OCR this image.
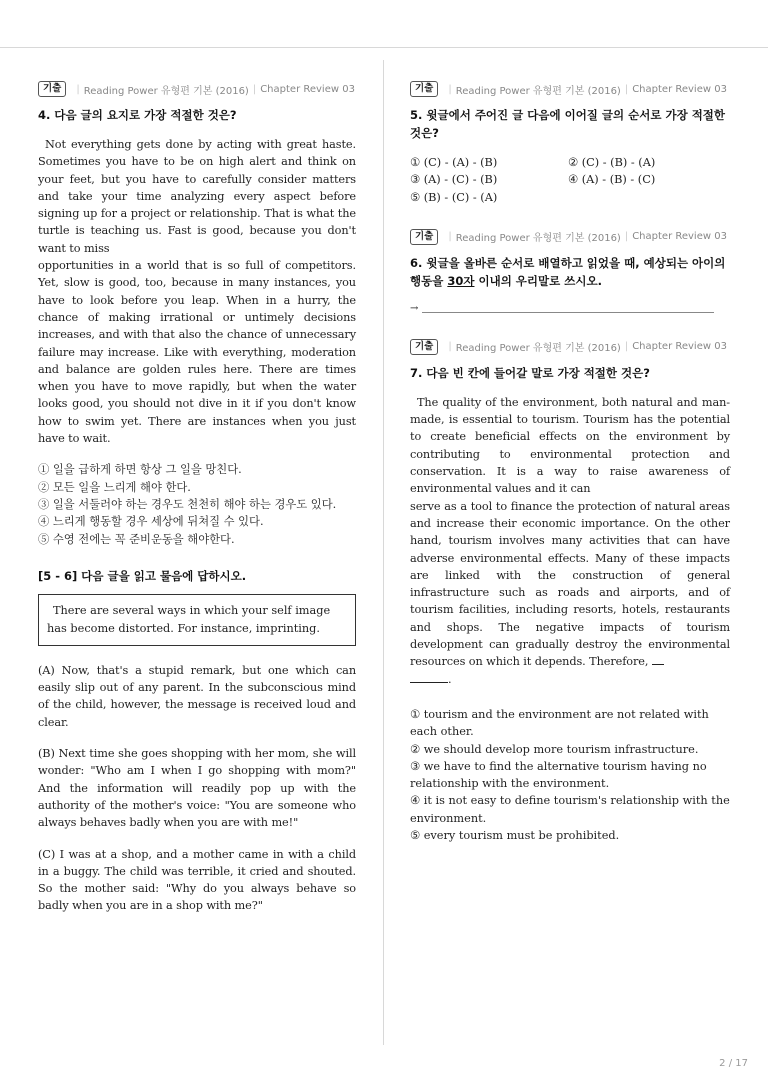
기출	| Reading Power 유형편 기본 (2016) | Chapter Review 03
4. 다음 글의 요지로 가장 적절한 것은?
Not everything gets done by acting with great haste. Sometimes you have to be on high alert and think on your feet, but you have to carefully consider matters and take your time analyzing every aspect before signing up for a project or relationship. That is what the turtle is teaching us. Fast is good, because you don't want to miss
opportunities in a world that is so full of competitors. Yet, slow is good, too, because in many instances, you have to look before you leap. When in a hurry, the chance of making irrational or untimely decisions increases, and with that also the chance of unnecessary failure may increase. Like with everything, moderation and balance are golden rules here. There are times when you have to move rapidly, but when the water looks good, you should not dive in it if you don't know how to swim yet. There are instances when you just have to wait.
① 일을 급하게 하면 항상 그 일을 망친다.
② 모든 일을 느리게 해야 한다.
③ 일을 서둘러야 하는 경우도 천천히 해야 하는 경우도 있다.
④ 느리게 행동할 경우 세상에 뒤쳐질 수 있다.
⑤ 수영 전에는 꼭 준비운동을 해야한다.
[5 - 6] 다음 글을 읽고 물음에 답하시오.
There are several ways in which your self image has become distorted. For instance, imprinting.
(A) Now, that's a stupid remark, but one which can easily slip out of any parent. In the subconscious mind of the child, however, the message is received loud and clear.
(B) Next time she goes shopping with her mom, she will wonder: "Who am I when I go shopping with mom?" And the information will readily pop up with the authority of the mother's voice: "You are someone who always behaves badly when you are with me!"
(C) I was at a shop, and a mother came in with a child in a buggy. The child was terrible, it cried and shouted. So the mother said: "Why do you always behave so badly when you are in a shop with me?"
기출	| Reading Power 유형편 기본 (2016) | Chapter Review 03
5. 윗글에서 주어진 글 다음에 이어질 글의 순서로 가장 적절한 것은?
① (C) - (A) - (B)	② (C) - (B) - (A)
③ (A) - (C) - (B)	④ (A) - (B) - (C)
⑤ (B) - (C) - (A)
기출	| Reading Power 유형편 기본 (2016) | Chapter Review 03
6. 윗글을 올바른 순서로 배열하고 읽었을 때, 예상되는 아이의 행동을 30자 이내의 우리말로 쓰시오.
→
기출	| Reading Power 유형편 기본 (2016) | Chapter Review 03
7. 다음 빈 칸에 들어갈 말로 가장 적절한 것은?
The quality of the environment, both natural and man-made, is essential to tourism. Tourism has the potential to create beneficial effects on the environment by contributing to environmental protection and conservation. It is a way to raise awareness of environmental values and it can
serve as a tool to finance the protection of natural areas and increase their economic importance. On the other hand, tourism involves many activities that can have adverse environmental effects. Many of these impacts are linked with the construction of general infrastructure such as roads and airports, and of tourism facilities, including resorts, hotels, restaurants and shops. The negative impacts of tourism development can gradually destroy the environmental resources on which it depends. Therefore,
.
① tourism and the environment are not related with each other.
② we should develop more tourism infrastructure.
③ we have to find the alternative tourism having no relationship with the environment.
④ it is not easy to define tourism's relationship with the environment.
⑤ every tourism must be prohibited.
2 / 17
